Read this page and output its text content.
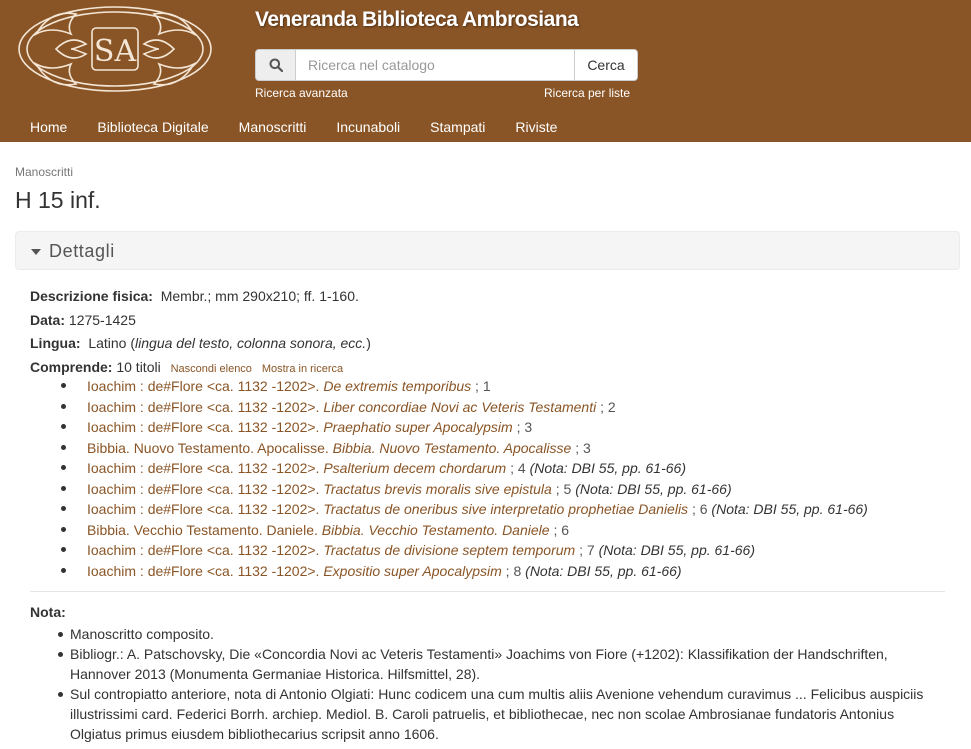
SA
Veneranda Biblioteca Ambrosiana
Ricerca nel catalogo
Cerca
Ricerca avanzata	Ricerca per liste
Home	Biblioteca Digitale	Manoscritti	Incunaboli	Stampati	Riviste
Manoscritti
H 15 inf.
Dettagli
Descrizione fisica: Membr.; mm 290x210; ff. 1-160.
Data: 1275-1425
Lingua: Latino (lingua del testo, colonna sonora, ecc.)
Comprende: 10 titoli Nascondi elenco Mostra in ricerca
Ioachim : de#Flore <ca. 1132 -1202>. De extremis temporibus ; 1
Ioachim : de#Flore <ca. 1132 -1202>. Liber concordiae Novi ac Veteris Testamenti ; 2
Ioachim : de#Flore <ca. 1132 -1202>. Praephatio super Apocalypsim ; 3
Bibbia. Nuovo Testamento. Apocalisse. Bibbia. Nuovo Testamento. Apocalisse ; 3
Ioachim : de#Flore <ca. 1132 -1202>. Psalterium decem chordarum ; 4 (Nota: DBI 55, pp. 61-66)
Ioachim : de#Flore <ca. 1132 -1202>. Tractatus brevis moralis sive epistula ; 5 (Nota: DBI 55, pp. 61-66)
Ioachim : de#Flore <ca. 1132 -1202>. Tractatus de oneribus sive interpretatio prophetiae Danielis ; 6 (Nota: DBI 55, pp. 61-66)
Bibbia. Vecchio Testamento. Daniele. Bibbia. Vecchio Testamento. Daniele ; 6
Ioachim : de#Flore <ca. 1132 -1202>. Tractatus de divisione septem temporum ; 7 (Nota: DBI 55, pp. 61-66)
Ioachim : de#Flore <ca. 1132 -1202>. Expositio super Apocalypsim ; 8 (Nota: DBI 55, pp. 61-66)
Nota:
Manoscritto composito.
Bibliogr.: A. Patschovsky, Die «Concordia Novi ac Veteris Testamenti» Joachims von Fiore (+1202): Klassifikation der Handschriften, Hannover 2013 (Monumenta Germaniae Historica. Hilfsmittel, 28).
Sul contropiatto anteriore, nota di Antonio Olgiati: Hunc codicem una cum multis aliis Avenione vehendum curavimus ... Felicibus auspiciis illustrissimi card. Federici Borrh. archiep. Mediol. B. Caroli patruelis, et bibliothecae, nec non scolae Ambrosianae fundatoris Antonius Olgiatus primus eiusdem bibliothecarius scripsit anno 1606.
